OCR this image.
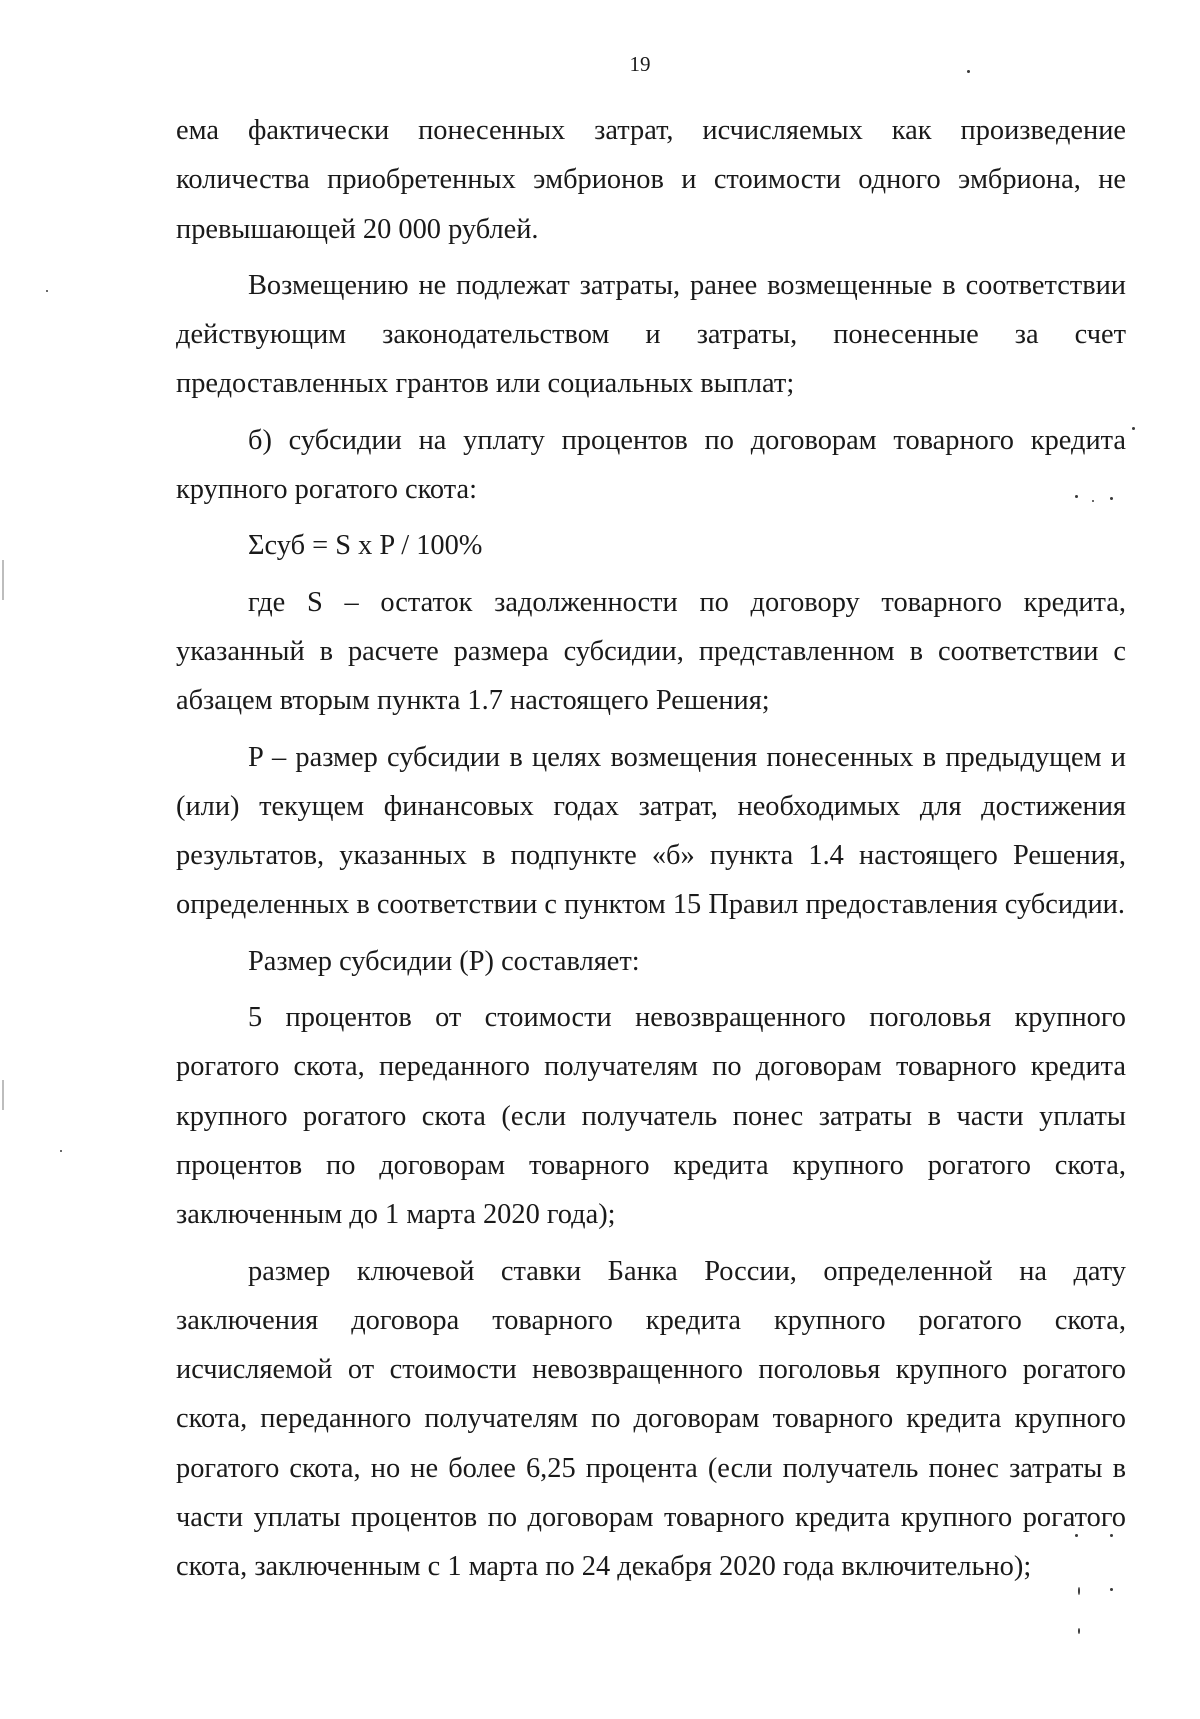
19

ема фактически понесенных затрат, исчисляемых как произведение количества приобретенных эмбрионов и стоимости одного эмбриона, не превышающей 20 000 рублей.

Возмещению не подлежат затраты, ранее возмещенные в соответствии действующим законодательством и затраты, понесенные за счет предоставленных грантов или социальных выплат;

б) субсидии на уплату процентов по договорам товарного кредита крупного рогатого скота:

Σсуб = S x P / 100%

где S – остаток задолженности по договору товарного кредита, указанный в расчете размера субсидии, представленном в соответствии с абзацем вторым пункта 1.7 настоящего Решения;

P – размер субсидии в целях возмещения понесенных в предыдущем и (или) текущем финансовых годах затрат, необходимых для достижения результатов, указанных в подпункте «б» пункта 1.4 настоящего Решения, определенных в соответствии с пунктом 15 Правил предоставления субсидии.

Размер субсидии (P) составляет:

5 процентов от стоимости невозвращенного поголовья крупного рогатого скота, переданного получателям по договорам товарного кредита крупного рогатого скота (если получатель понес затраты в части уплаты процентов по договорам товарного кредита крупного рогатого скота, заключенным до 1 марта 2020 года);

размер ключевой ставки Банка России, определенной на дату заключения договора товарного кредита крупного рогатого скота, исчисляемой от стоимости невозвращенного поголовья крупного рогатого скота, переданного получателям по договорам товарного кредита крупного рогатого скота, но не более 6,25 процента (если получатель понес затраты в части уплаты процентов по договорам товарного кредита крупного рогатого скота, заключенным с 1 марта по 24 декабря 2020 года включительно);
